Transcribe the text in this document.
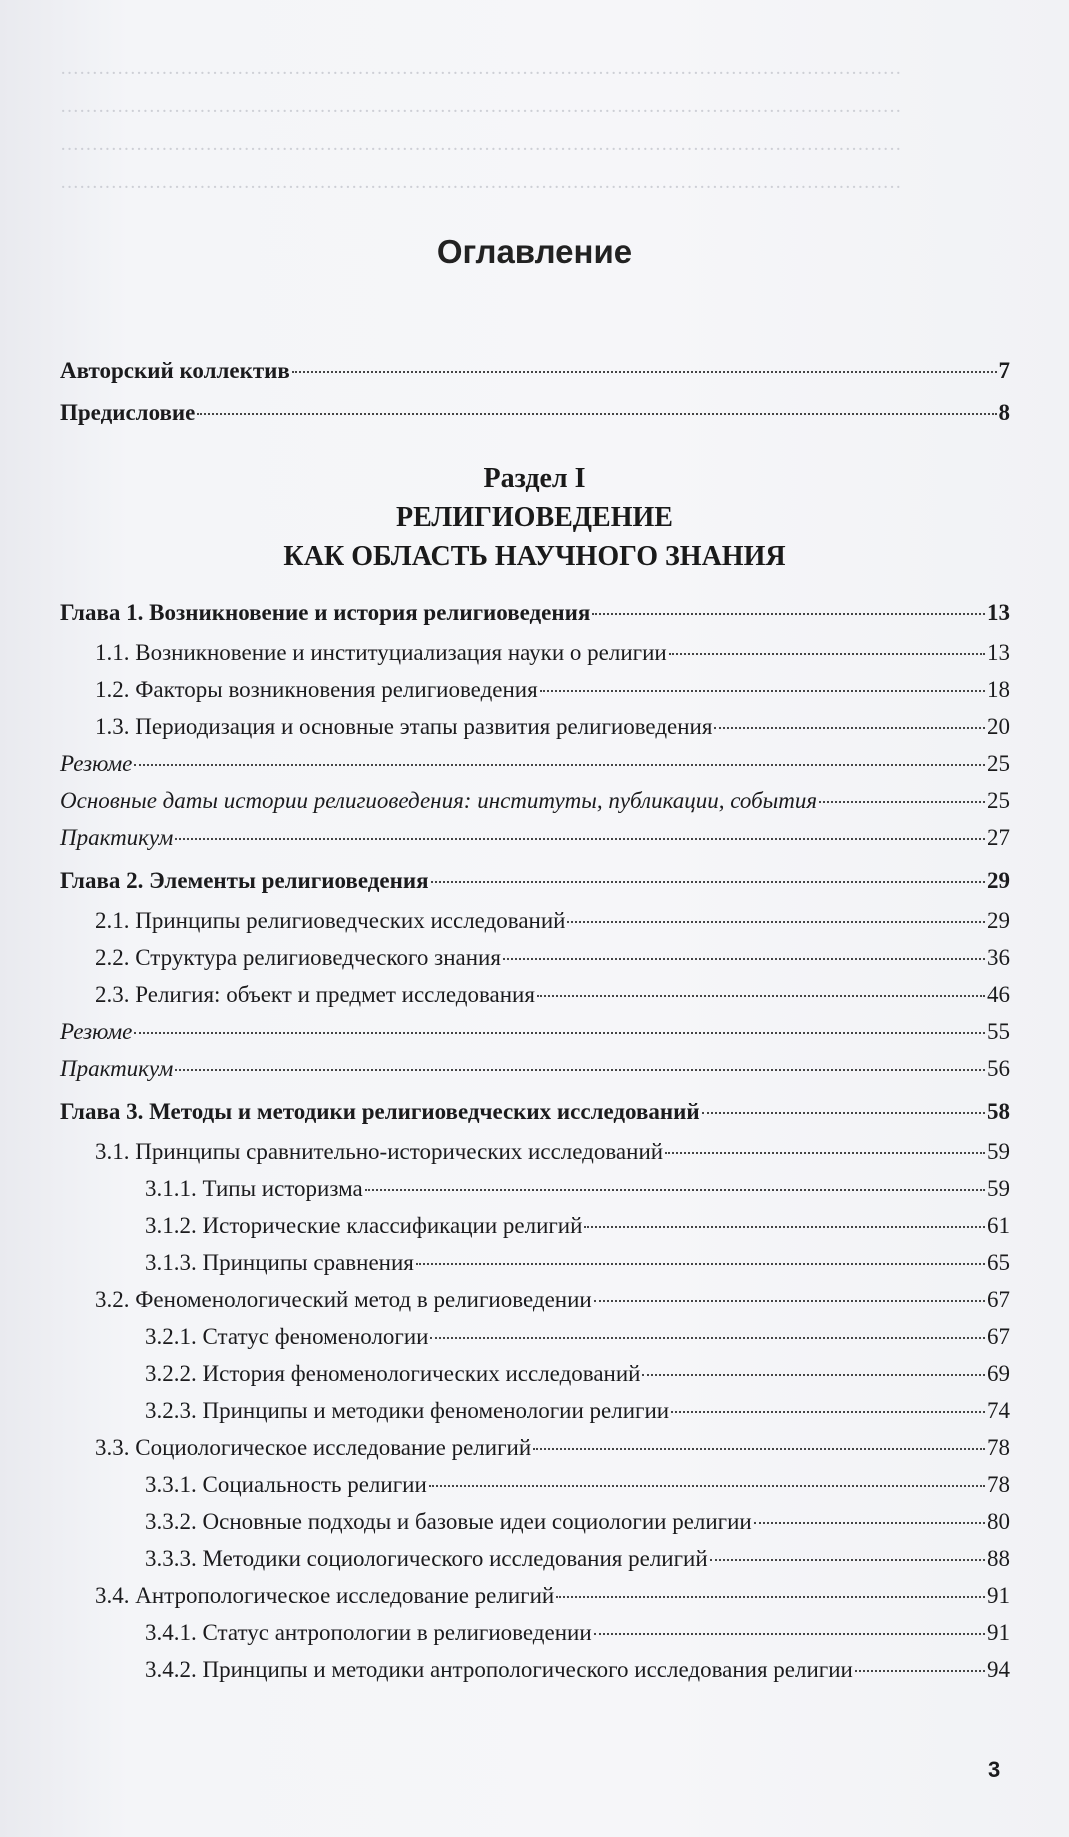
·····································································································································
·····································································································································
·····································································································································
·····································································································································
Оглавление
Авторский коллектив	7
Предисловие	8
Раздел I
РЕЛИГИОВЕДЕНИЕ
КАК ОБЛАСТЬ НАУЧНОГО ЗНАНИЯ
Глава 1. Возникновение и история религиоведения	13
1.1. Возникновение и институциализация науки о религии	13
1.2. Факторы возникновения религиоведения	18
1.3. Периодизация и основные этапы развития религиоведения	20
Резюме	25
Основные даты истории религиоведения: институты, публикации, события	25
Практикум	27
Глава 2. Элементы религиоведения	29
2.1. Принципы религиоведческих исследований	29
2.2. Структура религиоведческого знания	36
2.3. Религия: объект и предмет исследования	46
Резюме	55
Практикум	56
Глава 3. Методы и методики религиоведческих исследований	58
3.1. Принципы сравнительно-исторических исследований	59
3.1.1. Типы историзма	59
3.1.2. Исторические классификации религий	61
3.1.3. Принципы сравнения	65
3.2. Феноменологический метод в религиоведении	67
3.2.1. Статус феноменологии	67
3.2.2. История феноменологических исследований	69
3.2.3. Принципы и методики феноменологии религии	74
3.3. Социологическое исследование религий	78
3.3.1. Социальность религии	78
3.3.2. Основные подходы и базовые идеи социологии религии	80
3.3.3. Методики социологического исследования религий	88
3.4. Антропологическое исследование религий	91
3.4.1. Статус антропологии в религиоведении	91
3.4.2. Принципы и методики антропологического исследования религии	94
3
